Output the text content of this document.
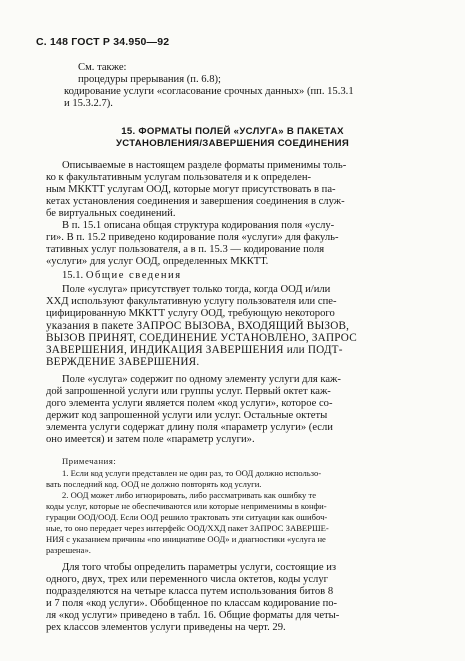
С. 148 ГОСТ Р 34.950—92
См. также:
процедуры прерывания (п. 6.8);
кодирование услуги «согласование срочных данных» (пп. 15.3.1
и 15.3.2.7).
15. ФОРМАТЫ ПОЛЕЙ «УСЛУГА» В ПАКЕТАХ
УСТАНОВЛЕНИЯ/ЗАВЕРШЕНИЯ СОЕДИНЕНИЯ
Описываемые в настоящем разделе форматы применимы толь-
ко к факультативным услугам пользователя и к определен-
ным МККТТ услугам ООД, которые могут присутствовать в па-
кетах установления соединения и завершения соединения в служ-
бе виртуальных соединений.
В п. 15.1 описана общая структура кодирования поля «услу-
ги». В п. 15.2 приведено кодирование поля «услуги» для факуль-
тативных услуг пользователя, а в п. 15.3 — кодирование поля
«услуги» для услуг ООД, определенных МККТТ.
15.1. Общие сведения
Поле «услуга» присутствует только тогда, когда ООД и/или
ХХД используют факультативную услугу пользователя или спе-
цифицированную МККТТ услугу ООД, требующую некоторого
указания в пакете ЗАПРОС ВЫЗОВА, ВХОДЯЩИЙ ВЫЗОВ,
ВЫЗОВ ПРИНЯТ, СОЕДИНЕНИЕ УСТАНОВЛЕНО, ЗАПРОС
ЗАВЕРШЕНИЯ, ИНДИКАЦИЯ ЗАВЕРШЕНИЯ или ПОДТ-
ВЕРЖДЕНИЕ ЗАВЕРШЕНИЯ.
Поле «услуга» содержит по одному элементу услуги для каж-
дой запрошенной услуги или группы услуг. Первый октет каж-
дого элемента услуги является полем «код услуги», которое со-
держит код запрошенной услуги или услуг. Остальные октеты
элемента услуги содержат длину поля «параметр услуги» (если
оно имеется) и затем поле «параметр услуги».
Примечания:
1. Если код услуги представлен не один раз, то ООД должно использо-
вать последний код. ООД не должно повторять код услуги.
2. ООД может либо игнорировать, либо рассматривать как ошибку те
коды услуг, которые не обеспечиваются или которые неприменимы в конфи-
гурации ООД/ООД. Если ООД решило трактовать эти ситуации как ошибоч-
ные, то оно передает через интерфейс ООД/ХХД пакет ЗАПРОС ЗАВЕРШЕ-
НИЯ с указанием причины «по инициативе ООД» и диагностики «услуга не
разрешена».
Для того чтобы определить параметры услуги, состоящие из
одного, двух, трех или переменного числа октетов, коды услуг
подразделяются на четыре класса путем использования битов 8
и 7 поля «код услуги». Обобщенное по классам кодирование по-
ля «код услуги» приведено в табл. 16. Общие форматы для четы-
рех классов элементов услуги приведены на черт. 29.
